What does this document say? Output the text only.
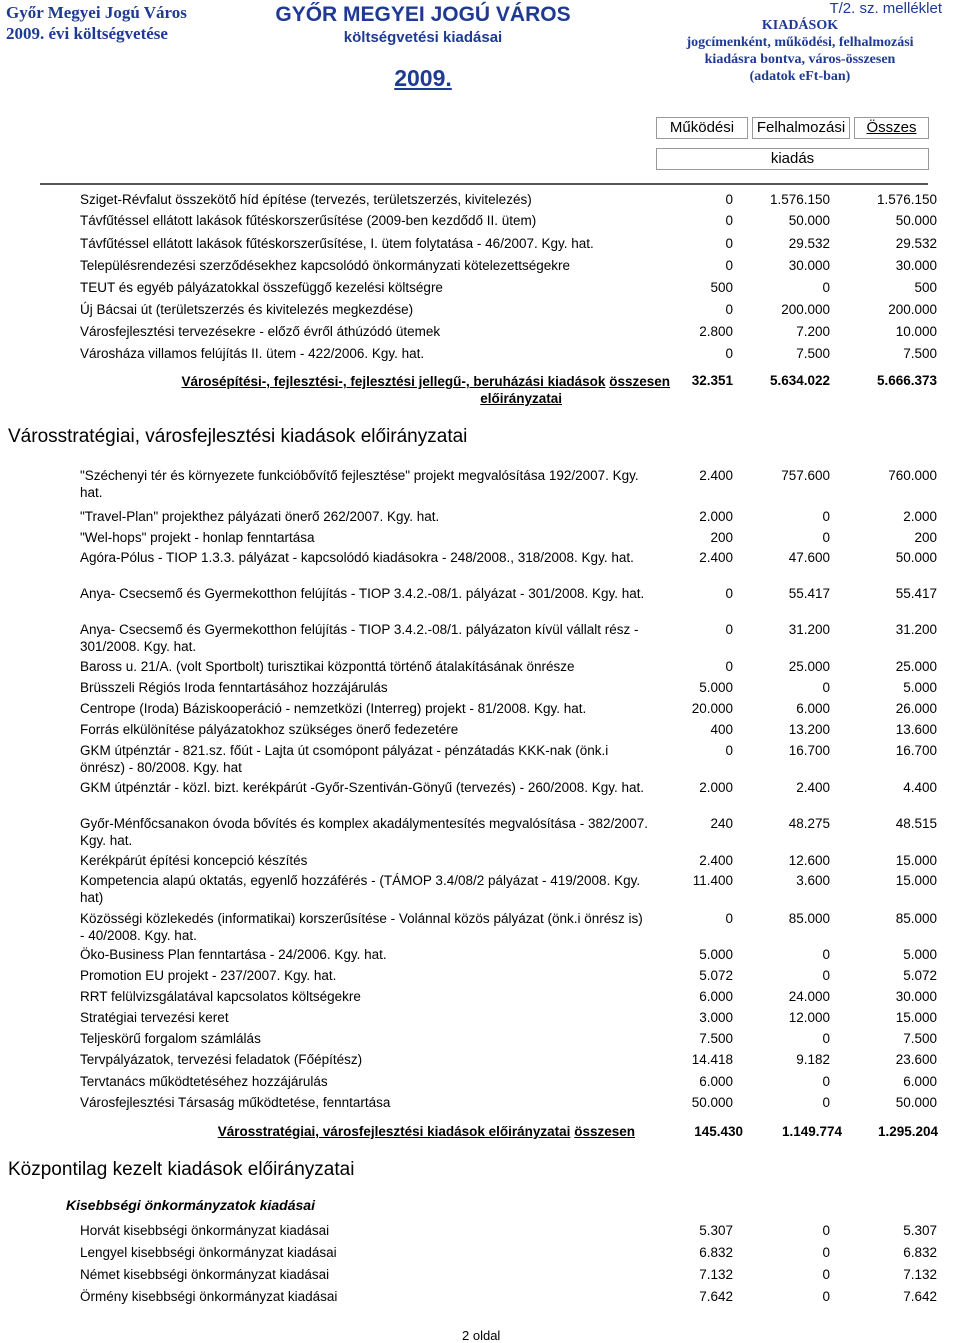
Győr Megyei Jogú Város
2009. évi költségvetése
GYŐR MEGYEI JOGÚ VÁROS
költségvetési kiadásai
2009.
T/2. sz. melléklet
KIADÁSOK
jogcímenként, működési, felhalmozási
kiadásra bontva, város-összesen
(adatok eFt-ban)
Működési	Felhalmozási	Összes
kiadás
Sziget-Révfalut összekötő híd építése (tervezés, területszerzés, kivitelezés)	0	1.576.150	1.576.150
Távfűtéssel ellátott lakások fűtéskorszerűsítése (2009-ben kezdődő II. ütem)	0	50.000	50.000
Távfűtéssel ellátott lakások fűtéskorszerűsítése, I. ütem folytatása - 46/2007. Kgy. hat.	0	29.532	29.532
Településrendezési szerződésekhez kapcsolódó önkormányzati kötelezettségekre	0	30.000	30.000
TEUT és egyéb pályázatokkal összefüggő kezelési költségre	500	0	500
Új Bácsai út (területszerzés és kivitelezés megkezdése)	0	200.000	200.000
Városfejlesztési tervezésekre - előző évről áthúzódó ütemek	2.800	7.200	10.000
Városháza villamos felújítás II. ütem - 422/2006. Kgy. hat.	0	7.500	7.500
Városépítési-, fejlesztési-, fejlesztési jellegű-, beruházási kiadások összesen
előirányzatai
32.351	5.634.022	5.666.373
Városstratégiai, városfejlesztési kiadások előirányzatai
"Széchenyi tér és környezete funkcióbővítő fejlesztése" projekt megvalósítása 192/2007. Kgy. hat.
2.400	757.600	760.000
"Travel-Plan" projekthez pályázati önerő 262/2007. Kgy. hat.	2.000	0	2.000
"Wel-hops" projekt - honlap fenntartása	200	0	200
Agóra-Pólus - TIOP 1.3.3. pályázat - kapcsolódó kiadásokra - 248/2008., 318/2008. Kgy. hat.	2.400	47.600	50.000
Anya- Csecsemő és Gyermekotthon felújítás - TIOP 3.4.2.-08/1. pályázat - 301/2008. Kgy. hat.	0	55.417	55.417
Anya- Csecsemő és Gyermekotthon felújítás - TIOP 3.4.2.-08/1. pályázaton kívül vállalt rész - 301/2008. Kgy. hat.
0	31.200	31.200
Baross u. 21/A. (volt Sportbolt) turisztikai központtá történő átalakításának önrésze	0	25.000	25.000
Brüsszeli Régiós Iroda fenntartásához hozzájárulás	5.000	0	5.000
Centrope (Iroda) Báziskooperáció - nemzetközi (Interreg) projekt - 81/2008. Kgy. hat.	20.000	6.000	26.000
Forrás elkülönítése pályázatokhoz szükséges önerő fedezetére	400	13.200	13.600
GKM útpénztár - 821.sz. főút - Lajta út csomópont pályázat - pénzátadás KKK-nak (önk.i önrész) - 80/2008. Kgy. hat
0	16.700	16.700
GKM útpénztár - közl. bizt. kerékpárút -Győr-Szentiván-Gönyű (tervezés) - 260/2008. Kgy. hat.	2.000	2.400	4.400
Győr-Ménfőcsanakon óvoda bővítés és komplex akadálymentesítés megvalósítása - 382/2007. Kgy. hat.
240	48.275	48.515
Kerékpárút építési koncepció készítés	2.400	12.600	15.000
Kompetencia alapú oktatás, egyenlő hozzáférés - (TÁMOP 3.4/08/2 pályázat - 419/2008. Kgy. hat)
11.400	3.600	15.000
Közösségi közlekedés (informatikai) korszerűsítése - Volánnal közös pályázat (önk.i önrész is) - 40/2008. Kgy. hat.
0	85.000	85.000
Öko-Business Plan fenntartása - 24/2006. Kgy. hat.	5.000	0	5.000
Promotion EU projekt - 237/2007. Kgy. hat.	5.072	0	5.072
RRT felülvizsgálatával kapcsolatos költségekre	6.000	24.000	30.000
Stratégiai tervezési keret	3.000	12.000	15.000
Teljeskörű forgalom számlálás	7.500	0	7.500
Tervpályázatok, tervezési feladatok (Főépítész)	14.418	9.182	23.600
Tervtanács működtetéséhez hozzájárulás	6.000	0	6.000
Városfejlesztési Társaság működtetése, fenntartása	50.000	0	50.000
Városstratégiai, városfejlesztési kiadások előirányzatai összesen	145.430	1.149.774	1.295.204
Központilag kezelt kiadások előirányzatai
Kisebbségi önkormányzatok kiadásai
Horvát kisebbségi önkormányzat kiadásai	5.307	0	5.307
Lengyel kisebbségi önkormányzat kiadásai	6.832	0	6.832
Német kisebbségi önkormányzat kiadásai	7.132	0	7.132
Örmény kisebbségi önkormányzat kiadásai	7.642	0	7.642
2 oldal
